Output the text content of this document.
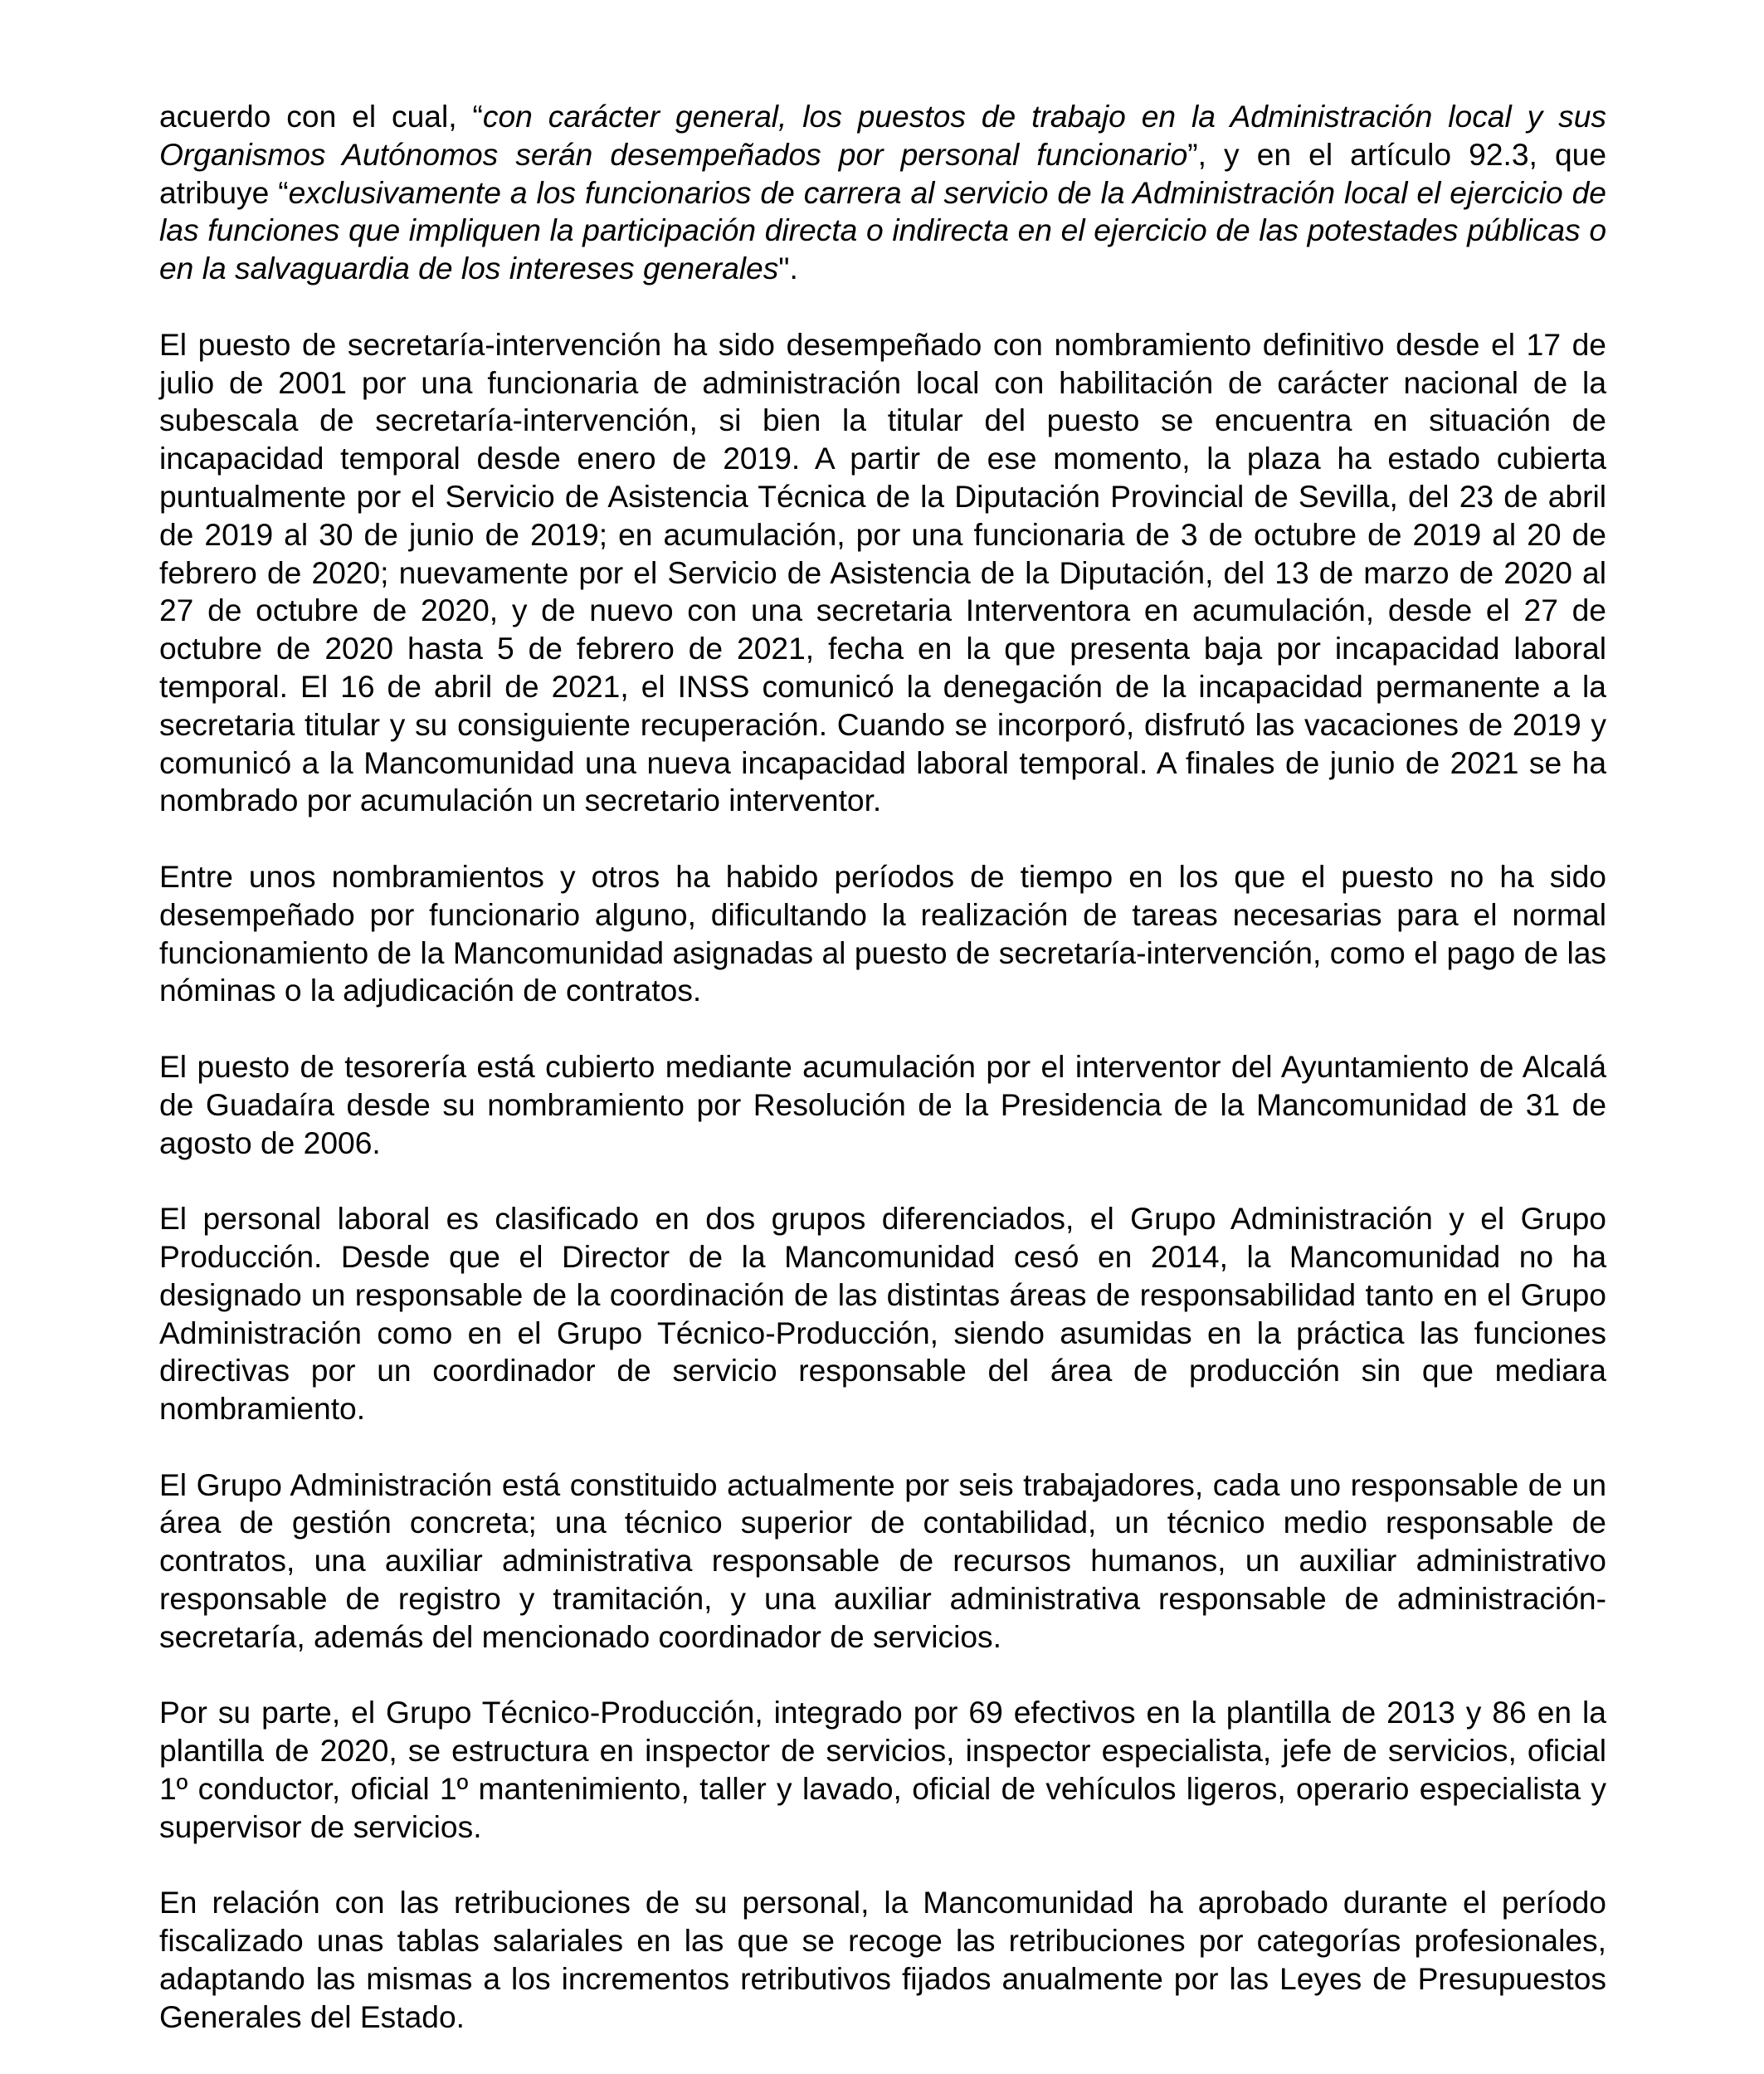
acuerdo con el cual, “con carácter general, los puestos de trabajo en la Administración local y sus Organismos Autónomos serán desempeñados por personal funcionario”, y en el artículo 92.3, que atribuye “exclusivamente a los funcionarios de carrera al servicio de la Administración local el ejercicio de las funciones que impliquen la participación directa o indirecta en el ejercicio de las potestades públicas o en la salvaguardia de los intereses generales".

El puesto de secretaría-intervención ha sido desempeñado con nombramiento definitivo desde el 17 de julio de 2001 por una funcionaria de administración local con habilitación de carácter nacional de la subescala de secretaría-intervención, si bien la titular del puesto se encuentra en situación de incapacidad temporal desde enero de 2019. A partir de ese momento, la plaza ha estado cubierta puntualmente por el Servicio de Asistencia Técnica de la Diputación Provincial de Sevilla, del 23 de abril de 2019 al 30 de junio de 2019; en acumulación, por una funcionaria de 3 de octubre de 2019 al 20 de febrero de 2020; nuevamente por el Servicio de Asistencia de la Diputación, del 13 de marzo de 2020 al 27 de octubre de 2020, y de nuevo con una secretaria Interventora en acumulación, desde el 27 de octubre de 2020 hasta 5 de febrero de 2021, fecha en la que presenta baja por incapacidad laboral temporal. El 16 de abril de 2021, el INSS comunicó la denegación de la incapacidad permanente a la secretaria titular y su consiguiente recuperación. Cuando se incorporó, disfrutó las vacaciones de 2019 y comunicó a la Mancomunidad una nueva incapacidad laboral temporal. A finales de junio de 2021 se ha nombrado por acumulación un secretario interventor.

Entre unos nombramientos y otros ha habido períodos de tiempo en los que el puesto no ha sido desempeñado por funcionario alguno, dificultando la realización de tareas necesarias para el normal funcionamiento de la Mancomunidad asignadas al puesto de secretaría-intervención, como el pago de las nóminas o la adjudicación de contratos.

El puesto de tesorería está cubierto mediante acumulación por el interventor del Ayuntamiento de Alcalá de Guadaíra desde su nombramiento por Resolución de la Presidencia de la Mancomunidad de 31 de agosto de 2006.

El personal laboral es clasificado en dos grupos diferenciados, el Grupo Administración y el Grupo Producción. Desde que el Director de la Mancomunidad cesó en 2014, la Mancomunidad no ha designado un responsable de la coordinación de las distintas áreas de responsabilidad tanto en el Grupo Administración como en el Grupo Técnico-Producción, siendo asumidas en la práctica las funciones directivas por un coordinador de servicio responsable del área de producción sin que mediara nombramiento.

El Grupo Administración está constituido actualmente por seis trabajadores, cada uno responsable de un área de gestión concreta; una técnico superior de contabilidad, un técnico medio responsable de contratos, una auxiliar administrativa responsable de recursos humanos, un auxiliar administrativo responsable de registro y tramitación, y una auxiliar administrativa responsable de administración-secretaría, además del mencionado coordinador de servicios.

Por su parte, el Grupo Técnico-Producción, integrado por 69 efectivos en la plantilla de 2013 y 86 en la plantilla de 2020, se estructura en inspector de servicios, inspector especialista, jefe de servicios, oficial 1º conductor, oficial 1º mantenimiento, taller y lavado, oficial de vehículos ligeros, operario especialista y supervisor de servicios.

En relación con las retribuciones de su personal, la Mancomunidad ha aprobado durante el período fiscalizado unas tablas salariales en las que se recoge las retribuciones por categorías profesionales, adaptando las mismas a los incrementos retributivos fijados anualmente por las Leyes de Presupuestos Generales del Estado.
